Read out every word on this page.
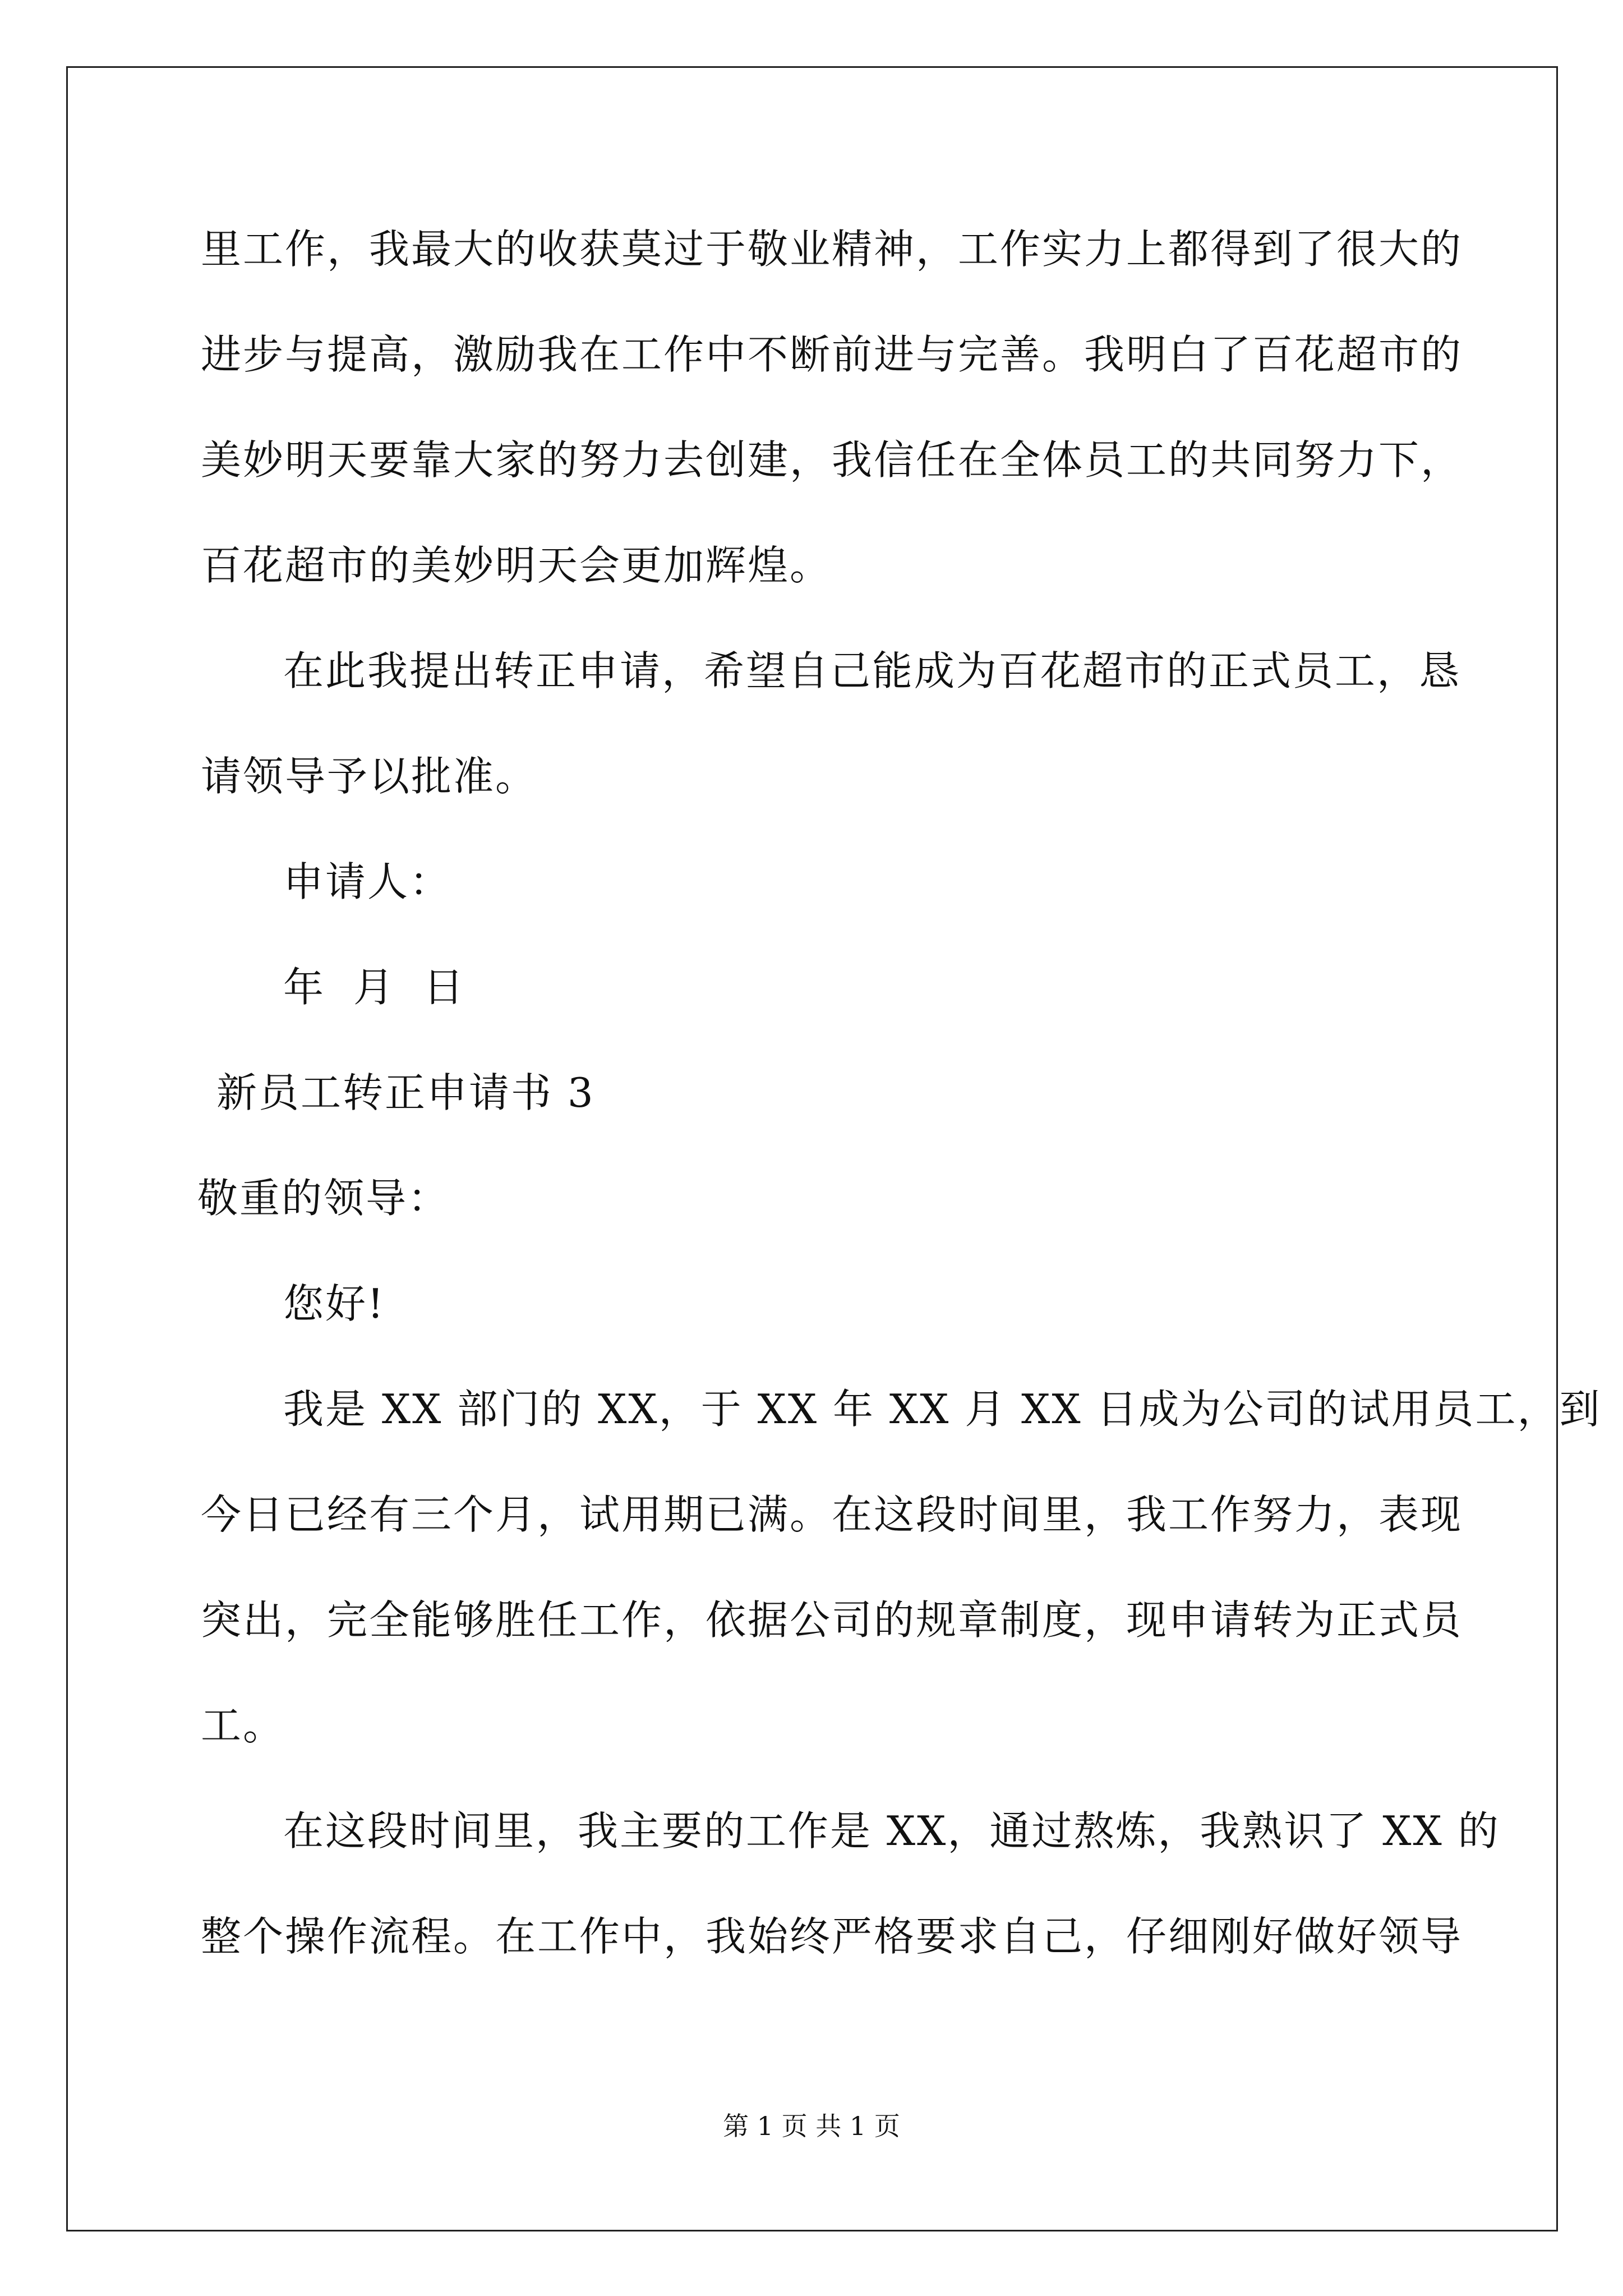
里工作，我最大的收获莫过于敬业精神，工作实力上都得到了很大的
进步与提高，激励我在工作中不断前进与完善。我明白了百花超市的
美妙明天要靠大家的努力去创建，我信任在全体员工的共同努力下，
百花超市的美妙明天会更加辉煌。
在此我提出转正申请，希望自己能成为百花超市的正式员工，恳
请领导予以批准。
申请人：
年 月 日
新员工转正申请书 3
敬重的领导：
您好!
我是 XX 部门的 XX，于 XX 年 XX 月 XX 日成为公司的试用员工，到
今日已经有三个月，试用期已满。在这段时间里，我工作努力，表现
突出，完全能够胜任工作，依据公司的规章制度，现申请转为正式员
工。
在这段时间里，我主要的工作是 XX，通过熬炼，我熟识了 XX 的
整个操作流程。在工作中，我始终严格要求自己，仔细刚好做好领导
第 1 页 共 1 页
